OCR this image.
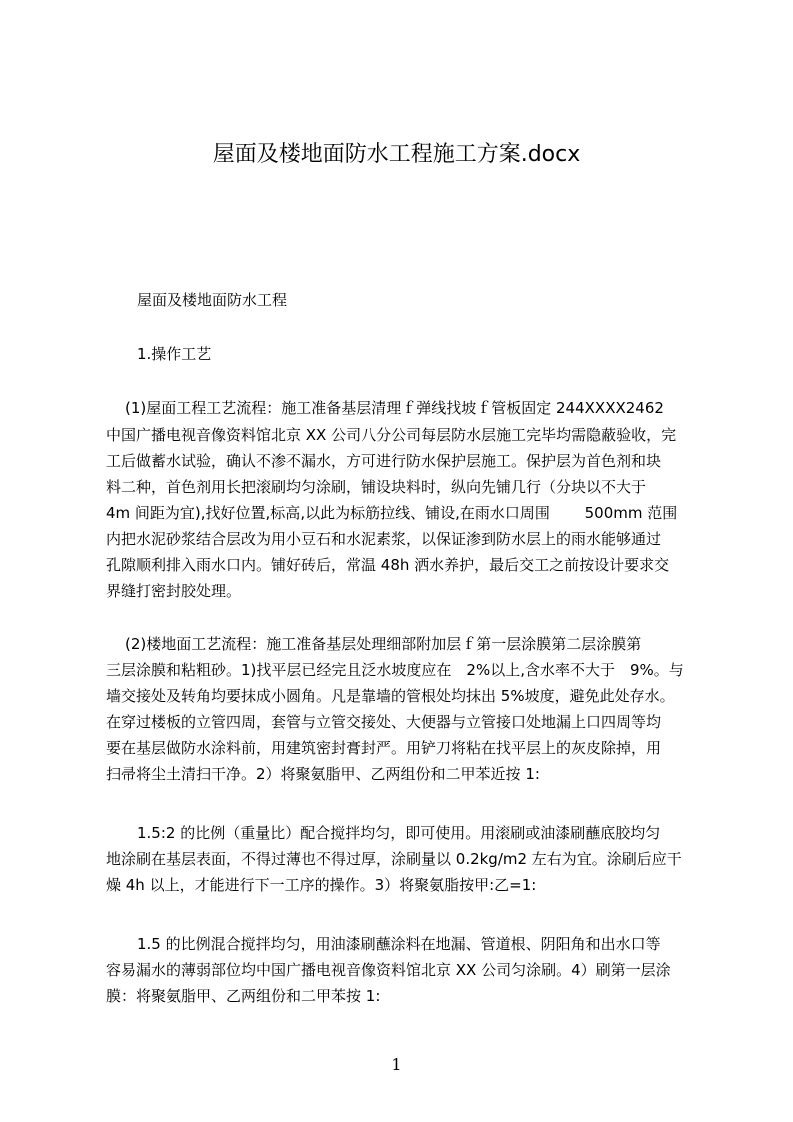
屋面及楼地面防水工程施工方案.docx
屋面及楼地面防水工程
1.操作工艺
(1)屋面工程工艺流程：施工准备基层清理ｆ弹线找坡ｆ管板固定 244XXXX2462
中国广播电视音像资料馆北京 XX 公司八分公司每层防水层施工完毕均需隐蔽验收，完
工后做蓄水试验，确认不渗不漏水，方可进行防水保护层施工。保护层为首色剂和块
料二种，首色剂用长把滚刷均匀涂刷，铺设块料时，纵向先铺几行（分块以不大于
4m 间距为宜),找好位置,标高,以此为标筋拉线、铺设,在雨水口周围　　 500mm 范围
内把水泥砂浆结合层改为用小豆石和水泥素浆，以保证渗到防水层上的雨水能够通过
孔隙顺利排入雨水口内。铺好砖后，常温 48h 洒水养护，最后交工之前按设计要求交
界缝打密封胶处理。
(2)楼地面工艺流程：施工准备基层处理细部附加层ｆ第一层涂膜第二层涂膜第
三层涂膜和粘粗砂。1)找平层已经完且泛水坡度应在　2%以上,含水率不大于　9%。与
墙交接处及转角均要抹成小圆角。凡是靠墙的管根处均抹出 5%坡度，避免此处存水。
在穿过楼板的立管四周，套管与立管交接处、大便器与立管接口处地漏上口四周等均
要在基层做防水涂料前，用建筑密封膏封严。用铲刀将粘在找平层上的灰皮除掉，用
扫帚将尘土清扫干净。2）将聚氨脂甲、乙两组份和二甲苯近按 1:
1.5:2 的比例（重量比）配合搅拌均匀，即可使用。用滚刷或油漆刷蘸底胶均匀
地涂刷在基层表面，不得过薄也不得过厚，涂刷量以 0.2kg/m2 左右为宜。涂刷后应干
燥 4h 以上，才能进行下一工序的操作。3）将聚氨脂按甲:乙=1:
1.5 的比例混合搅拌均匀，用油漆刷蘸涂料在地漏、管道根、阴阳角和出水口等
容易漏水的薄弱部位均中国广播电视音像资料馆北京 XX 公司匀涂刷。4）刷第一层涂
膜：将聚氨脂甲、乙两组份和二甲苯按 1:
1
